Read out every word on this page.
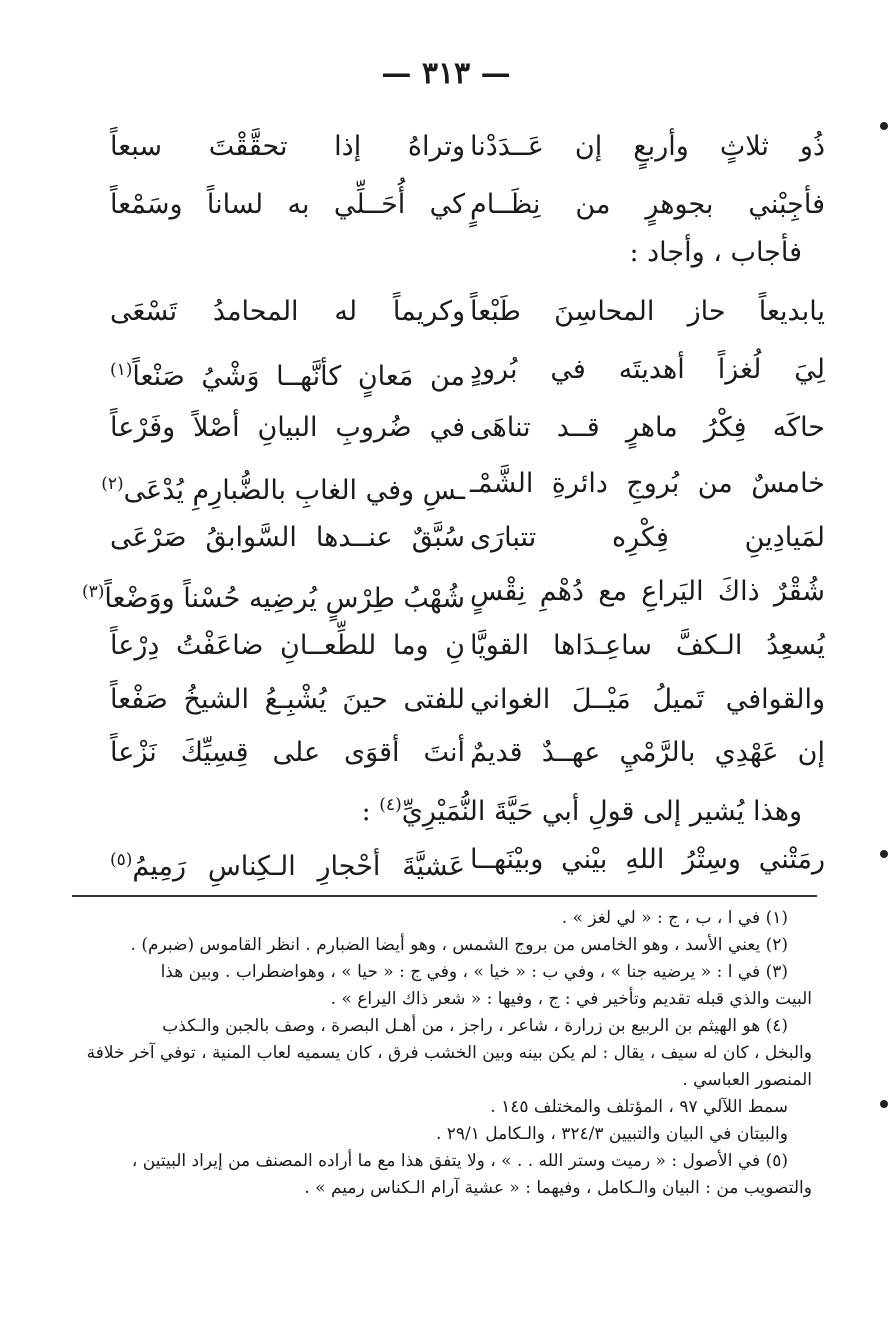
— ٣١٣ —
ذُو ثلاثٍ وأربعٍ إن عَــدَدْنا
وتراهُ إذا تحقَّقْتَ سبعاً
فأجِبْني بجوهرٍ من نِظَــامٍ
كي أُحَــلِّي به لساناً وسَمْعاً
فأجاب ، وأجاد :
يابديعاً حاز المحاسِنَ طَبْعاً
وكريماً له المحامدُ تَسْعَى
لِيَ لُغزاً أهديتَه في بُرودٍ
من مَعانٍ كأنَّهــا وَشْيُ صَنْعاً$^{(١)}$
حاكَه فِكْرُ ماهرٍ قــد تناهَى
في ضُروبِ البيانِ أصْلاً وفَرْعاً
خامسٌ من بُروجِ دائرةِ الشَّمْـ
ـسِ وفي الغابِ بالضُّبارِمِ يُدْعَى$^{(٢)}$
لمَيادِينِ فِكْرِه تتبارَى
سُبَّقٌ عنــدها السَّوابقُ صَرْعَى
شُقْرٌ ذاكَ اليَراعِ مع دُهْمِ نِقْسٍ
شُهْبُ طِرْسٍ يُرضِيه حُسْناً ووَضْعاً$^{(٣)}$
يُسعِدُ الـكفَّ ساعِـدَاها القويَّا
نِ وما للطِّعــانِ ضاعَفْتُ دِرْعاً
والقوافي تَميلُ مَيْــلَ الغواني
للفتى حينَ يُشْبِـعُ الشيخُ صَفْعاً
إن عَهْدِي بالرَّمْيِ عهــدٌ قديمٌ
أنتَ أقوَى على قِسِيِّكَ نَزْعاً
وهذا يُشير إلى قولِ أبي حَيَّةَ النُّمَيْرِيِّ$^{(٤)}$ :
رمَتْني وسِتْرُ اللهِ بيْني وبيْنَهــا
عَشيَّةَ أحْجارِ الـكِناسِ رَمِيمُ$^{(٥)}$

(١) في ا ، ب ، ج : « لي لغز » .

(٢) يعني الأسد ، وهو الخامس من بروج الشمس ، وهو أيضا الضبارم . انظر القاموس (ضبرم) .

(٣) في ا : « يرضيه جنا » ، وفي ب : « خيا » ، وفي ج : « حيا » ، وهواضطراب . وبين هذا

البيت والذي قبله تقديم وتأخير في : ج ، وفيها : « شعر ذاك اليراع » .

(٤) هو الهيثم بن الربيع بن زرارة ، شاعر ، راجز ، من أهـل البصرة ، وصف بالجبن والـكذب

والبخل ، كان له سيف ، يقال : لم يكن بينه وبين الخشب فرق ، كان يسميه لعاب المنية ، توفي آخر خلافة

المنصور العباسي .

سمط اللآلي ٩٧ ، المؤتلف والمختلف ١٤٥ .

والبيتان في البيان والتبيين ٣٢٤/٣ ، والـكامل ٢٩/١ .

(٥) في الأصول : « رميت وستر الله . . » ، ولا يتفق هذا مع ما أراده المصنف من إيراد البيتين ،

والتصويب من : البيان والـكامل ، وفيهما : « عشية آرام الـكناس رميم » .
